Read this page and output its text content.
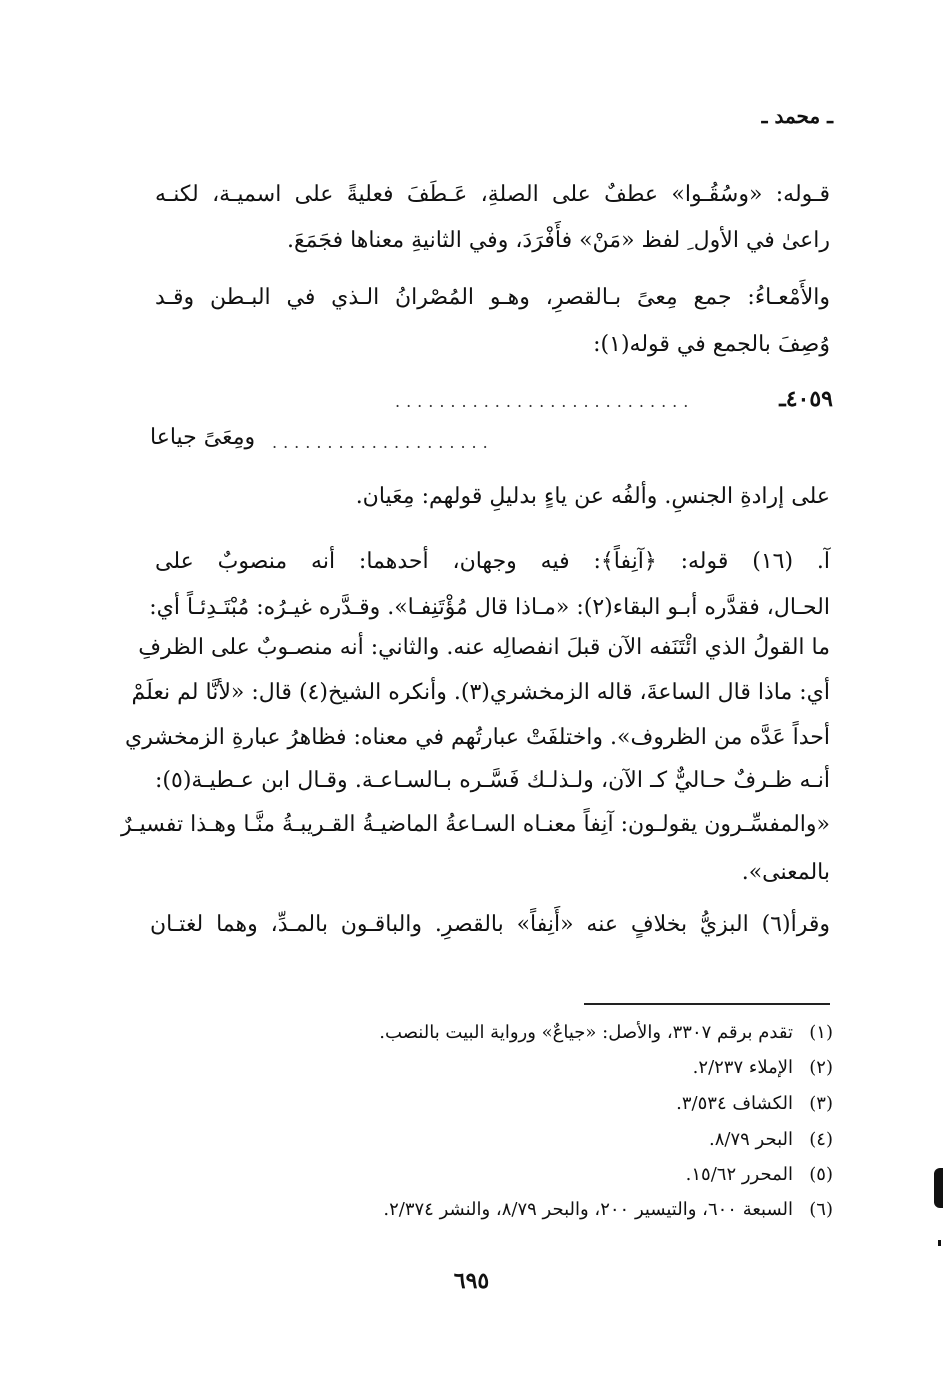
ـ محمد ـ
قـوله: «وسُقُـوا» عطفٌ على الصلةِ، عَـطَفَ فعليةً على اسميـة، لكنـه
راعىٰ في الأول ِ لفظ «مَنْ» فأَفْرَدَ، وفي الثانيةِ معناها فجَمَعَ.
والأَمْعـاءُ: جمع مِعىً بـالقصرِ، وهـو المُصْرانُ الـذي في البـطن وقـد
وُصِفَ بالجمع في قوله(١):
٤٠٥٩ـ
...........................
....................
ومِعَىً جياعا
على إرادةِ الجنسِ. وألفُه عن ياءٍ بدليلِ قولهم: مِعَيان.
آ. (١٦) قوله: ﴿آنِفاً﴾: فيه وجهان، أحدهما: أنه منصوبٌ على
الحـال، فقدَّره أبـو البقاء(٢): «مـاذا قال مُؤْتَنِفـا». وقـدَّره غيـرُه: مُبْتَـدِئـاً أي:
ما القولُ الذي ائْتَنَفه الآن قبلَ انفصالِه عنه. والثاني: أنه منصـوبٌ على الظرفِ
أي: ماذا قال الساعةَ، قاله الزمخشري(٣). وأنكره الشيخ(٤) قال: «لأنَّا لم نعلَمْ
أحداً عَدَّه من الظروف». واختلفَتْ عبارتُهم في معناه: فظاهرُ عبارةِ الزمخشري
أنـه ظـرفٌ حـاليٌّ كـ الآن، ولـذلـك فَسَّـره بـالسـاعـة. وقـال ابن عـطيـة(٥):
«والمفسِّـرون يقولـون: آنِفاً معنـاه السـاعةُ الماضيـةُ القـريبـةُ منَّـا وهـذا تفسيـرٌ
بالمعنى».
وقرأ(٦) البزيُّ بخلافٍ عنه «أَنِفاً» بالقصرِ. والباقـون بالمـدِّ، وهما لغتـان
(١)تقدم برقم ٣٣٠٧، والأصل: «جياعٌ» ورواية البيت بالنصب.
(٢)الإملاء ٢/٢٣٧.
(٣)الكشاف ٣/٥٣٤.
(٤)البحر ٨/٧٩.
(٥)المحرر ١٥/٦٢.
(٦)السبعة ٦٠٠، والتيسير ٢٠٠، والبحر ٨/٧٩، والنشر ٢/٣٧٤.
٦٩٥
